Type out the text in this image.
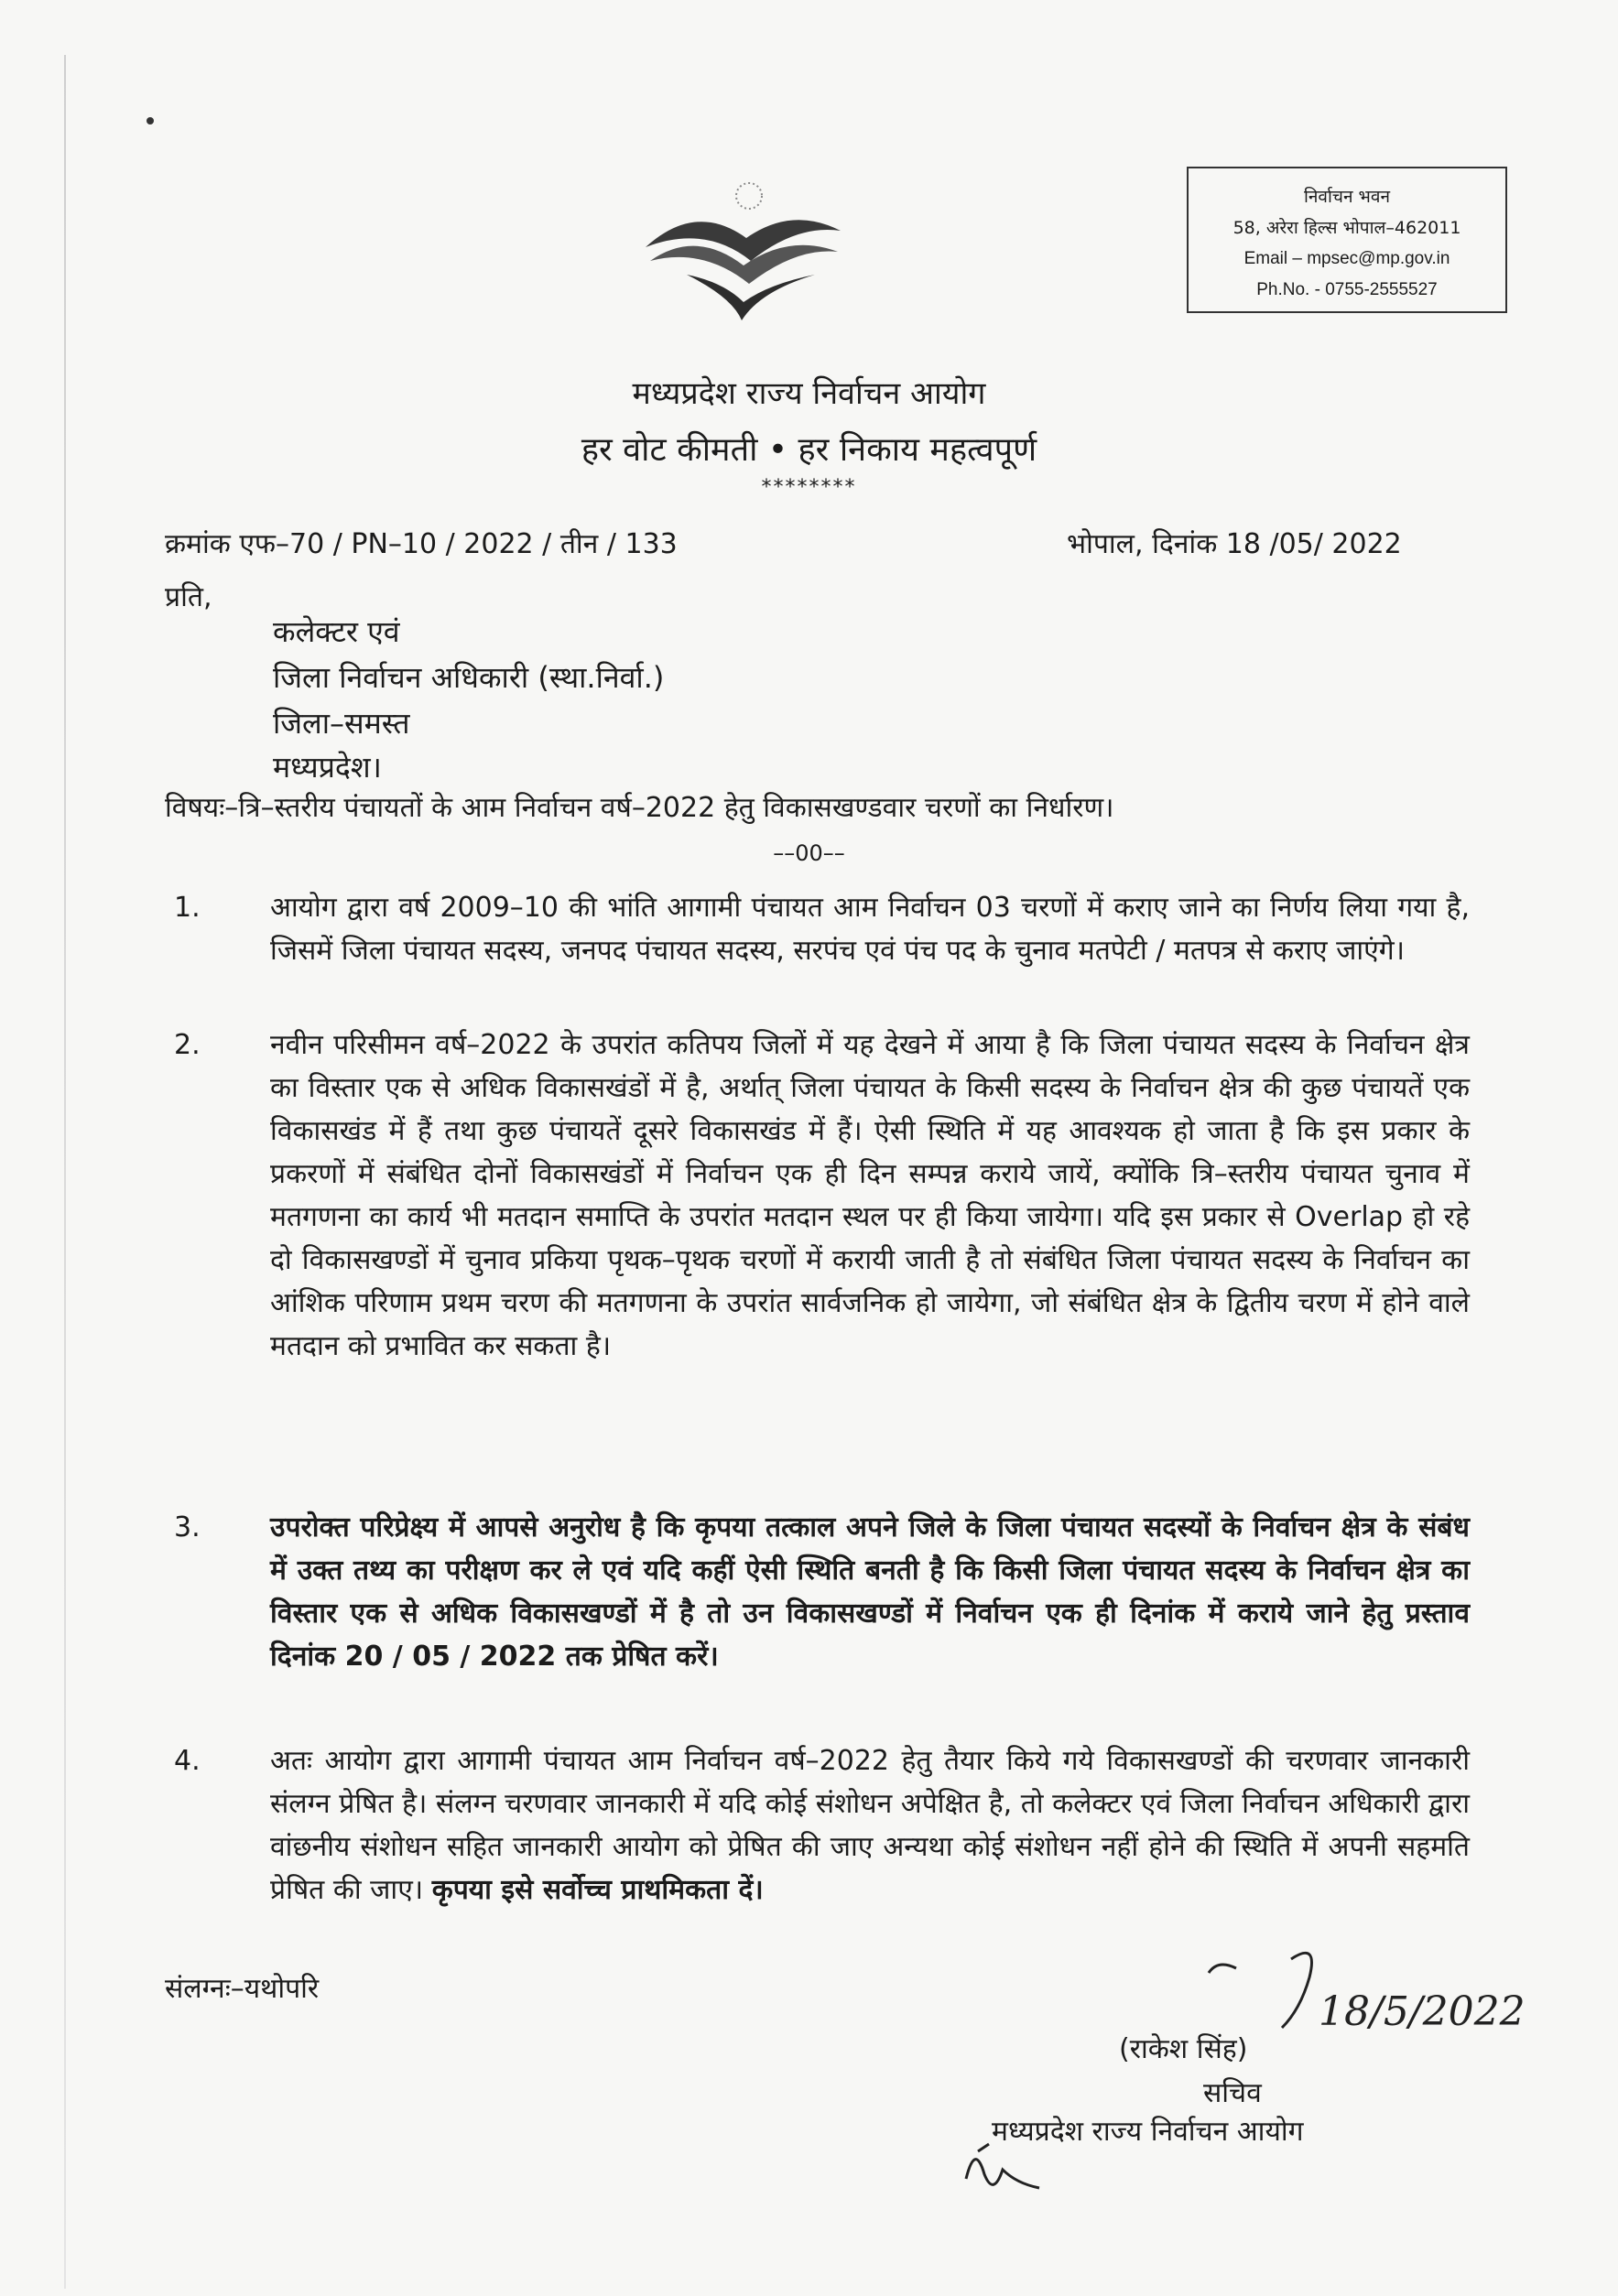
निर्वाचन भवन
58, अरेरा हिल्स भोपाल–462011
Email – mpsec@mp.gov.in
Ph.No. - 0755-2555527
मध्यप्रदेश राज्य निर्वाचन आयोग
हर वोट कीमती • हर निकाय महत्वपूर्ण
********
क्रमांक एफ–70 / PN–10 / 2022 / तीन / 133	भोपाल, दिनांक 18 /05/ 2022
प्रति,
कलेक्टर एवं
जिला निर्वाचन अधिकारी (स्था.निर्वा.)
जिला–समस्त
मध्यप्रदेश।
विषयः–त्रि–स्तरीय पंचायतों के आम निर्वाचन वर्ष–2022 हेतु विकासखण्डवार चरणों का निर्धारण।
––00––
1.	आयोग द्वारा वर्ष 2009–10 की भांति आगामी पंचायत आम निर्वाचन 03 चरणों में कराए जाने का निर्णय लिया गया है, जिसमें जिला पंचायत सदस्य, जनपद पंचायत सदस्य, सरपंच एवं पंच पद के चुनाव मतपेटी / मतपत्र से कराए जाएंगे।
2.	नवीन परिसीमन वर्ष–2022 के उपरांत कतिपय जिलों में यह देखने में आया है कि जिला पंचायत सदस्य के निर्वाचन क्षेत्र का विस्तार एक से अधिक विकासखंडों में है, अर्थात् जिला पंचायत के किसी सदस्य के निर्वाचन क्षेत्र की कुछ पंचायतें एक विकासखंड में हैं तथा कुछ पंचायतें दूसरे विकासखंड में हैं। ऐसी स्थिति में यह आवश्यक हो जाता है कि इस प्रकार के प्रकरणों में संबंधित दोनों विकासखंडों में निर्वाचन एक ही दिन सम्पन्न कराये जायें, क्योंकि त्रि–स्तरीय पंचायत चुनाव में मतगणना का कार्य भी मतदान समाप्ति के उपरांत मतदान स्थल पर ही किया जायेगा। यदि इस प्रकार से Overlap हो रहे दो विकासखण्डों में चुनाव प्रकिया पृथक–पृथक चरणों में करायी जाती है तो संबंधित जिला पंचायत सदस्य के निर्वाचन का आंशिक परिणाम प्रथम चरण की मतगणना के उपरांत सार्वजनिक हो जायेगा, जो संबंधित क्षेत्र के द्वितीय चरण में होने वाले मतदान को प्रभावित कर सकता है।
3.	उपरोक्त परिप्रेक्ष्य में आपसे अनुरोध है कि कृपया तत्काल अपने जिले के जिला पंचायत सदस्यों के निर्वाचन क्षेत्र के संबंध में उक्त तथ्य का परीक्षण कर ले एवं यदि कहीं ऐसी स्थिति बनती है कि किसी जिला पंचायत सदस्य के निर्वाचन क्षेत्र का विस्तार एक से अधिक विकासखण्डों में है तो उन विकासखण्डों में निर्वाचन एक ही दिनांक में कराये जाने हेतु प्रस्ताव दिनांक 20 / 05 / 2022 तक प्रेषित करें।
4.	अतः आयोग द्वारा आगामी पंचायत आम निर्वाचन वर्ष–2022 हेतु तैयार किये गये विकासखण्डों की चरणवार जानकारी संलग्न प्रेषित है। संलग्न चरणवार जानकारी में यदि कोई संशोधन अपेक्षित है, तो कलेक्टर एवं जिला निर्वाचन अधिकारी द्वारा वांछनीय संशोधन सहित जानकारी आयोग को प्रेषित की जाए अन्यथा कोई संशोधन नहीं होने की स्थिति में अपनी सहमति प्रेषित की जाए। कृपया इसे सर्वोच्च प्राथमिकता दें।
संलग्नः–यथोपरि
(राकेश सिंह)
सचिव
मध्यप्रदेश राज्य निर्वाचन आयोग
18/5/2022
